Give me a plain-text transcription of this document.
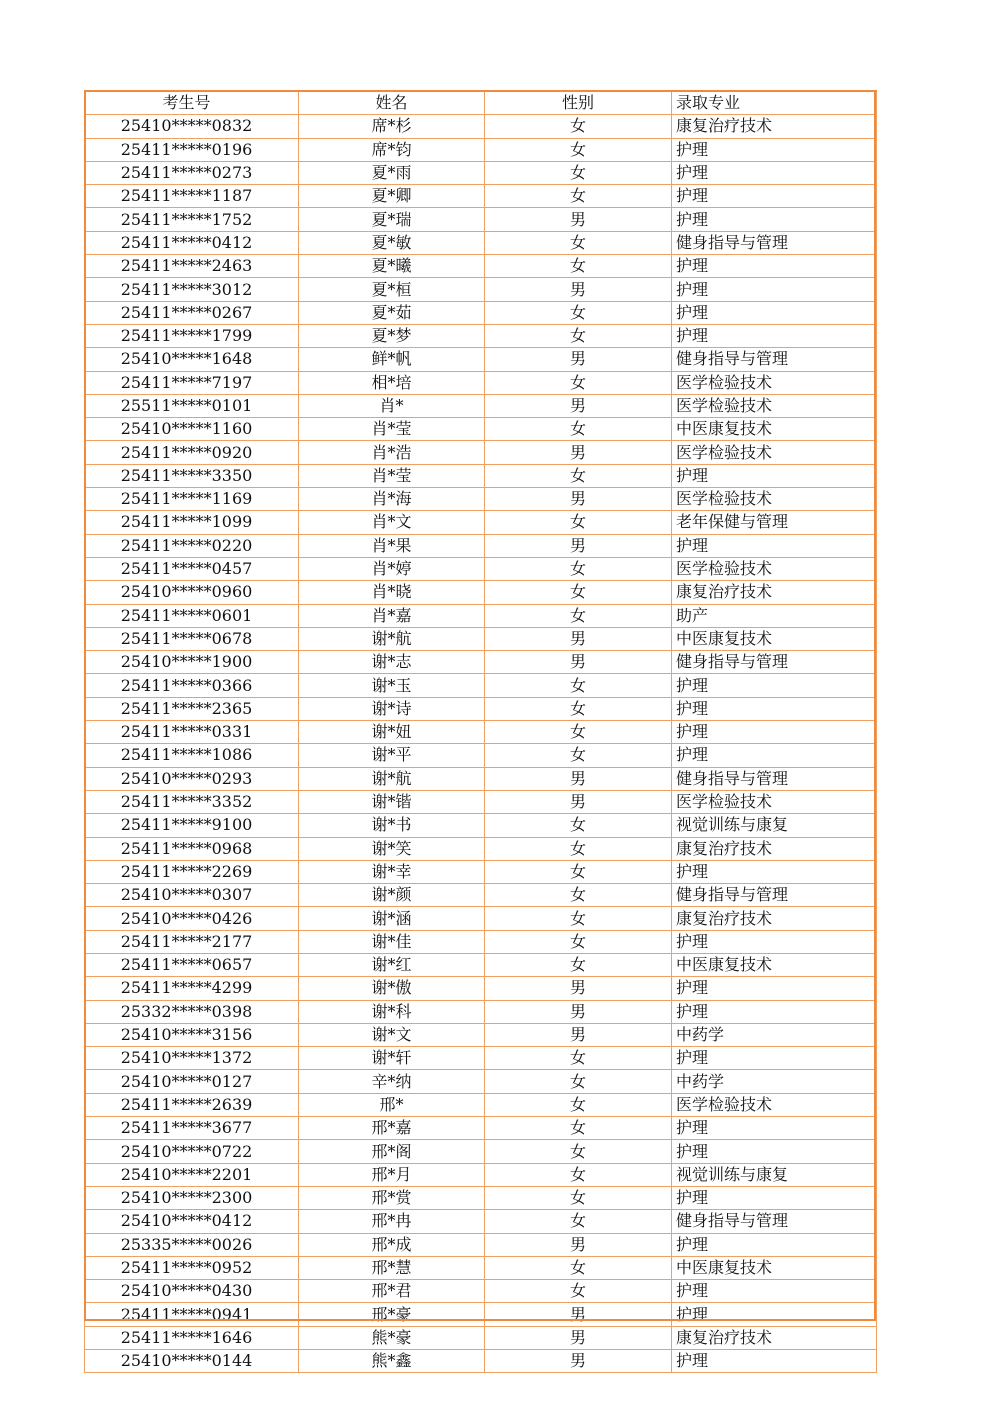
考生号	姓名	性别	录取专业
25410*****0832	席*杉	女	康复治疗技术
25411*****0196	席*钧	女	护理
25411*****0273	夏*雨	女	护理
25411*****1187	夏*卿	女	护理
25411*****1752	夏*瑞	男	护理
25411*****0412	夏*敏	女	健身指导与管理
25411*****2463	夏*曦	女	护理
25411*****3012	夏*桓	男	护理
25411*****0267	夏*茹	女	护理
25411*****1799	夏*梦	女	护理
25410*****1648	鲜*帆	男	健身指导与管理
25411*****7197	相*培	女	医学检验技术
25511*****0101	肖*	男	医学检验技术
25410*****1160	肖*莹	女	中医康复技术
25411*****0920	肖*浩	男	医学检验技术
25411*****3350	肖*莹	女	护理
25411*****1169	肖*海	男	医学检验技术
25411*****1099	肖*文	女	老年保健与管理
25411*****0220	肖*果	男	护理
25411*****0457	肖*婷	女	医学检验技术
25410*****0960	肖*晓	女	康复治疗技术
25411*****0601	肖*嘉	女	助产
25411*****0678	谢*航	男	中医康复技术
25410*****1900	谢*志	男	健身指导与管理
25411*****0366	谢*玉	女	护理
25411*****2365	谢*诗	女	护理
25411*****0331	谢*妞	女	护理
25411*****1086	谢*平	女	护理
25410*****0293	谢*航	男	健身指导与管理
25411*****3352	谢*锴	男	医学检验技术
25411*****9100	谢*书	女	视觉训练与康复
25411*****0968	谢*笑	女	康复治疗技术
25411*****2269	谢*幸	女	护理
25410*****0307	谢*颜	女	健身指导与管理
25410*****0426	谢*涵	女	康复治疗技术
25411*****2177	谢*佳	女	护理
25411*****0657	谢*红	女	中医康复技术
25411*****4299	谢*傲	男	护理
25332*****0398	谢*科	男	护理
25410*****3156	谢*文	男	中药学
25410*****1372	谢*轩	女	护理
25410*****0127	辛*纳	女	中药学
25411*****2639	邢*	女	医学检验技术
25411*****3677	邢*嘉	女	护理
25410*****0722	邢*阁	女	护理
25410*****2201	邢*月	女	视觉训练与康复
25410*****2300	邢*赏	女	护理
25410*****0412	邢*冉	女	健身指导与管理
25335*****0026	邢*成	男	护理
25411*****0952	邢*慧	女	中医康复技术
25410*****0430	邢*君	女	护理
25411*****0941	邢*豪	男	护理
25411*****1646	熊*豪	男	康复治疗技术
25410*****0144	熊*鑫	男	护理
